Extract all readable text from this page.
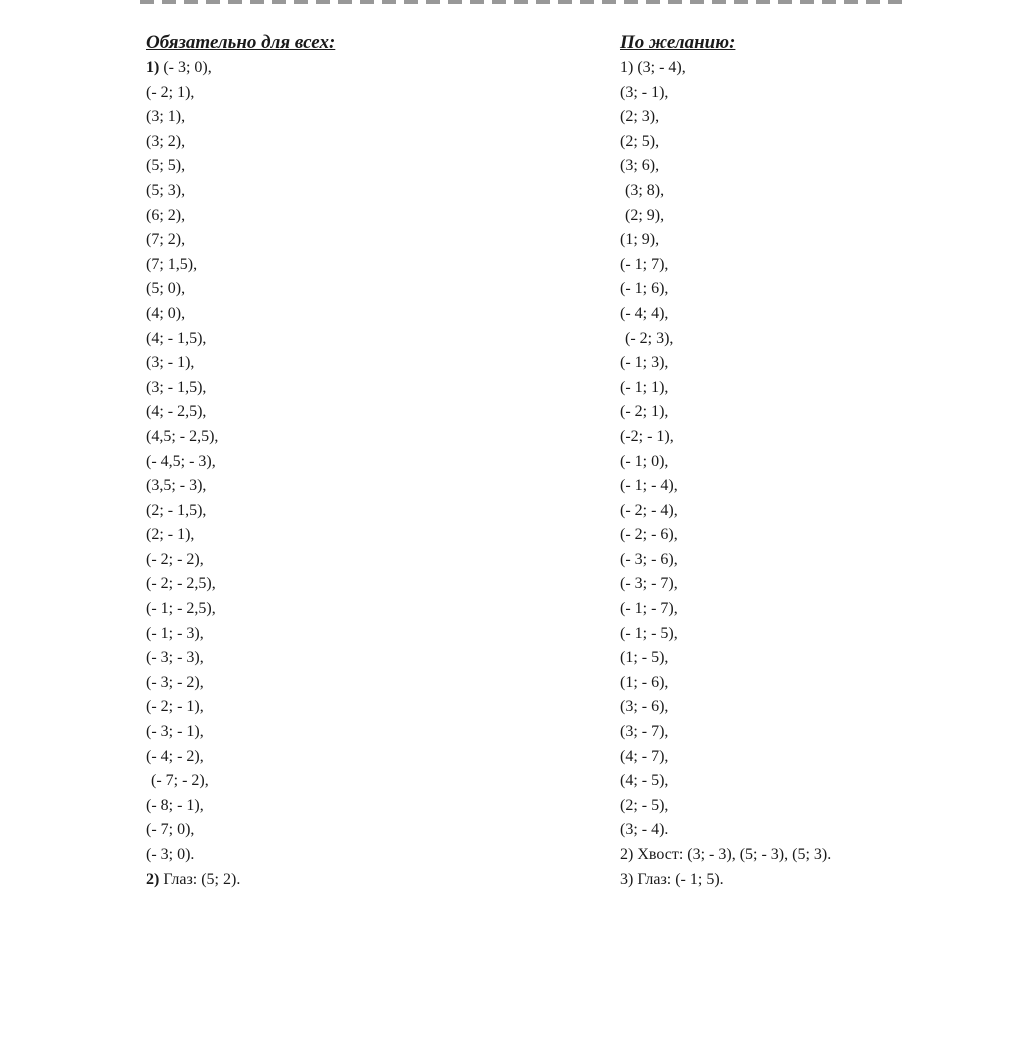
Обязательно для всех:
1) (- 3; 0),
(- 2; 1),
(3; 1),
(3; 2),
(5; 5),
(5; 3),
(6; 2),
(7; 2),
(7; 1,5),
(5; 0),
(4; 0),
(4; - 1,5),
(3; - 1),
(3; - 1,5),
(4; - 2,5),
(4,5; - 2,5),
(- 4,5; - 3),
(3,5; - 3),
(2; - 1,5),
(2; - 1),
(- 2; - 2),
(- 2; - 2,5),
(- 1; - 2,5),
(- 1; - 3),
(- 3; - 3),
(- 3; - 2),
(- 2; - 1),
(- 3; - 1),
(- 4; - 2),
(- 7; - 2),
(- 8; - 1),
(- 7; 0),
(- 3; 0).
2) Глаз: (5; 2).
По желанию:
1) (3; - 4),
(3; - 1),
(2; 3),
(2; 5),
(3; 6),
(3; 8),
(2; 9),
(1; 9),
(- 1; 7),
(- 1; 6),
(- 4; 4),
(- 2; 3),
(- 1; 3),
(- 1; 1),
(- 2; 1),
(-2; - 1),
(- 1; 0),
(- 1; - 4),
(- 2; - 4),
(- 2; - 6),
(- 3; - 6),
(- 3; - 7),
(- 1; - 7),
(- 1; - 5),
(1; - 5),
(1; - 6),
(3; - 6),
(3; - 7),
(4; - 7),
(4; - 5),
(2; - 5),
(3; - 4).
2) Хвост: (3; - 3), (5; - 3), (5; 3).
3) Глаз: (- 1; 5).
